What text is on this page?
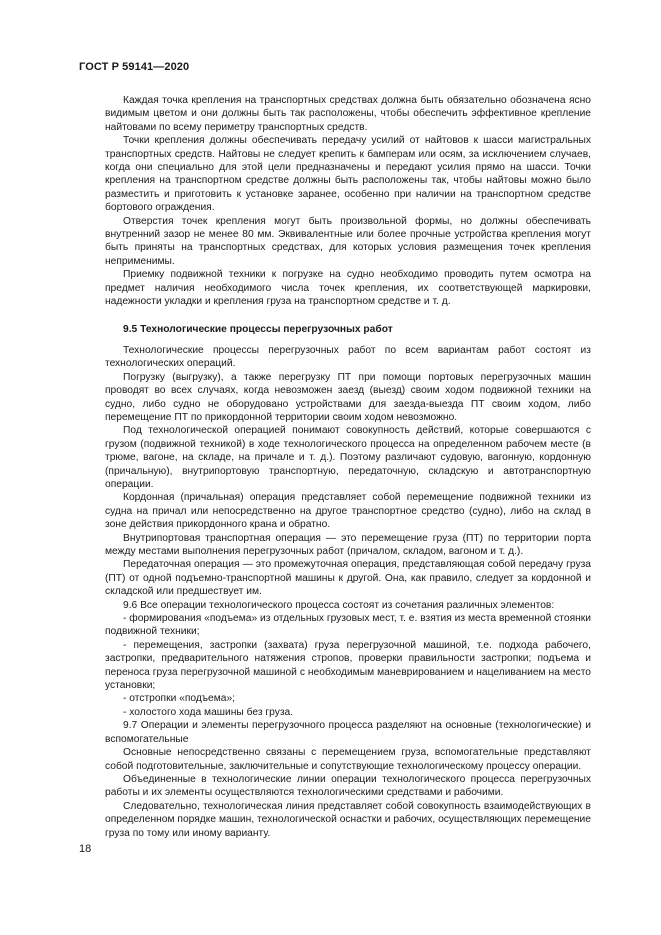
ГОСТ Р 59141—2020

Каждая точка крепления на транспортных средствах должна быть обязательно обозначена ясно видимым цветом и они должны быть так расположены, чтобы обеспечить эффективное крепление найтовами по всему периметру транспортных средств.

Точки крепления должны обеспечивать передачу усилий от найтовов к шасси магистральных транспортных средств. Найтовы не следует крепить к бамперам или осям, за исключением случаев, когда они специально для этой цели предназначены и передают усилия прямо на шасси. Точки крепления на транспортном средстве должны быть расположены так, чтобы найтовы можно было разместить и приготовить к установке заранее, особенно при наличии на транспортном средстве бортового ограждения.

Отверстия точек крепления могут быть произвольной формы, но должны обеспечивать внутренний зазор не менее 80 мм. Эквивалентные или более прочные устройства крепления могут быть приняты на транспортных средствах, для которых условия размещения точек крепления неприменимы.

Приемку подвижной техники к погрузке на судно необходимо проводить путем осмотра на предмет наличия необходимого числа точек крепления, их соответствующей маркировки, надежности укладки и крепления груза на транспортном средстве и т. д.

9.5 Технологические процессы перегрузочных работ

Технологические процессы перегрузочных работ по всем вариантам работ состоят из технологических операций.

Погрузку (выгрузку), а также перегрузку ПТ при помощи портовых перегрузочных машин проводят во всех случаях, когда невозможен заезд (выезд) своим ходом подвижной техники на судно, либо судно не оборудовано устройствами для заезда-выезда ПТ своим ходом, либо перемещение ПТ по прикордонной территории своим ходом невозможно.

Под технологической операцией понимают совокупность действий, которые совершаются с грузом (подвижной техникой) в ходе технологического процесса на определенном рабочем месте (в трюме, вагоне, на складе, на причале и т. д.). Поэтому различают судовую, вагонную, кордонную (причальную), внутрипортовую транспортную, передаточную, складскую и автотранспортную операции.

Кордонная (причальная) операция представляет собой перемещение подвижной техники из судна на причал или непосредственно на другое транспортное средство (судно), либо на склад в зоне действия прикордонного крана и обратно.

Внутрипортовая транспортная операция — это перемещение груза (ПТ) по территории порта между местами выполнения перегрузочных работ (причалом, складом, вагоном и т. д.).

Передаточная операция — это промежуточная операция, представляющая собой передачу груза (ПТ) от одной подъемно-транспортной машины к другой. Она, как правило, следует за кордонной и складской или предшествует им.

9.6 Все операции технологического процесса состоят из сочетания различных элементов:

- формирования «подъема» из отдельных грузовых мест, т. е. взятия из места временной стоянки подвижной техники;

- перемещения, застропки (захвата) груза перегрузочной машиной, т.е. подхода рабочего, застропки, предварительного натяжения стропов, проверки правильности застропки; подъема и переноса груза перегрузочной машиной с необходимым маневрированием и нацеливанием на место установки;

- отстропки «подъема»;

- холостого хода машины без груза.

9.7 Операции и элементы перегрузочного процесса разделяют на основные (технологические) и вспомогательные

Основные непосредственно связаны с перемещением груза, вспомогательные представляют собой подготовительные, заключительные и сопутствующие технологическому процессу операции.

Объединенные в технологические линии операции технологического процесса перегрузочных работы и их элементы осуществляются технологическими средствами и рабочими.

Следовательно, технологическая линия представляет собой совокупность взаимодействующих в определенном порядке машин, технологической оснастки и рабочих, осуществляющих перемещение груза по тому или иному варианту.

18
